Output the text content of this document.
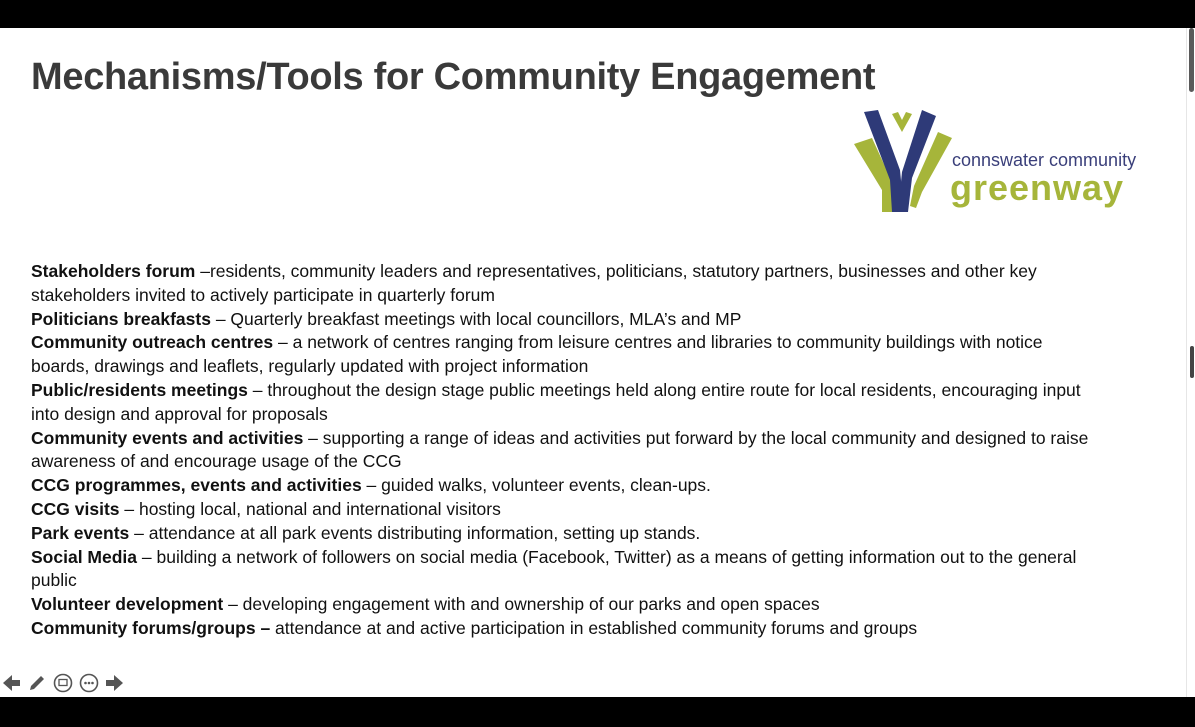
Mechanisms/Tools for Community Engagement
connswater community
greenway

Stakeholders forum –residents, community leaders and representatives, politicians, statutory partners, businesses and other key stakeholders invited to actively participate in quarterly forum

Politicians breakfasts – Quarterly breakfast meetings with local councillors, MLA’s and MP

Community outreach centres – a network of centres ranging from leisure centres and libraries to community buildings with notice boards, drawings and leaflets, regularly updated with project information

Public/residents meetings – throughout the design stage public meetings held along entire route for local residents, encouraging input into design and approval for proposals

Community events and activities – supporting a range of ideas and activities put forward by the local community and designed to raise awareness of and encourage usage of the CCG

CCG programmes, events and activities – guided walks, volunteer events, clean-ups.

CCG visits – hosting local, national and international visitors

Park events – attendance at all park events distributing information, setting up stands.

Social Media – building a network of followers on social media (Facebook, Twitter) as a means of getting information out to the general public

Volunteer development – developing engagement with and ownership of our parks and open spaces

Community forums/groups – attendance at and active participation in established community forums and groups
